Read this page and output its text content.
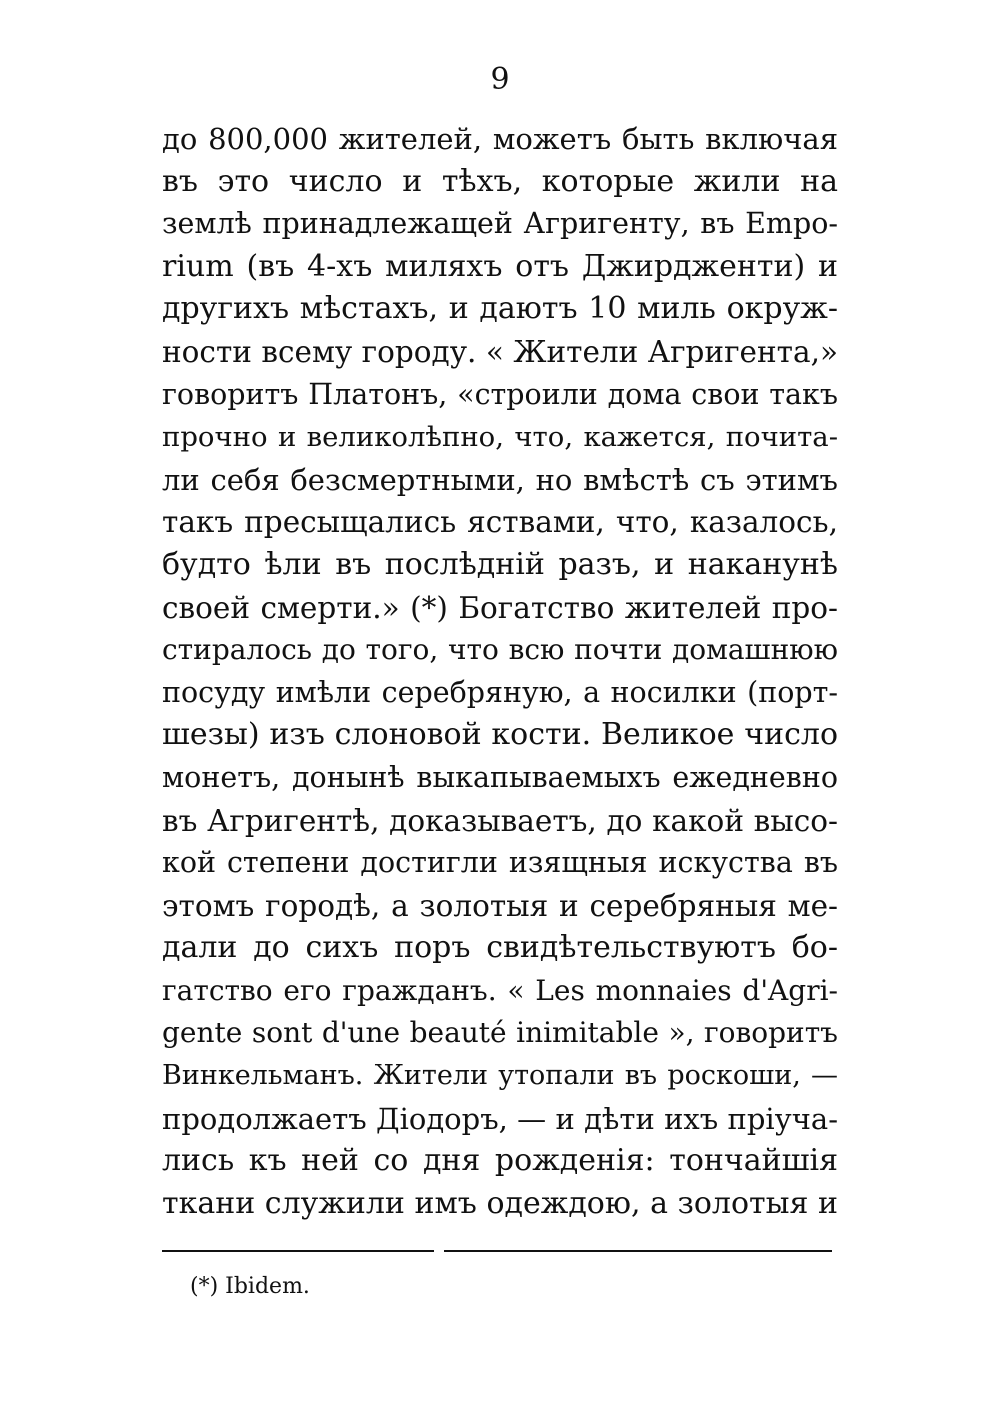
9
до 800,000 жителей, можетъ быть включая
въ это число и тѣхъ, которые жили на
землѣ принадлежащей Агригенту, въ Empo-
rium (въ 4-хъ миляхъ отъ Джирдженти) и
другихъ мѣстахъ, и даютъ 10 миль окруж-
ности всему городу. « Жители Агригента,»
говоритъ Платонъ, «строили дома свои такъ
прочно и великолѣпно, что, кажется, почита-
ли себя безсмертными, но вмѣстѣ съ этимъ
такъ пресыщались яствами, что, казалось,
будто ѣли въ послѣдній разъ, и наканунѣ
своей смерти.» (*) Богатство жителей про-
стиралось до того, что всю почти домашнюю
посуду имѣли серебряную, а носилки (порт-
шезы) изъ слоновой кости. Великое число
монетъ, донынѣ выкапываемыхъ ежедневно
въ Агригентѣ, доказываетъ, до какой высо-
кой степени достигли изящныя искуства въ
этомъ городѣ, а золотыя и серебряныя ме-
дали до сихъ поръ свидѣтельствуютъ бо-
гатство его гражданъ. « Les monnaies d'Agri-
gente sont d'une beauté inimitable », говоритъ
Винкельманъ. Жители утопали въ роскоши, —
продолжаетъ Діодоръ, — и дѣти ихъ пріуча-
лись къ ней со дня рожденія: тончайшія
ткани служили имъ одеждою, а золотыя и
(*) Ibidem.
